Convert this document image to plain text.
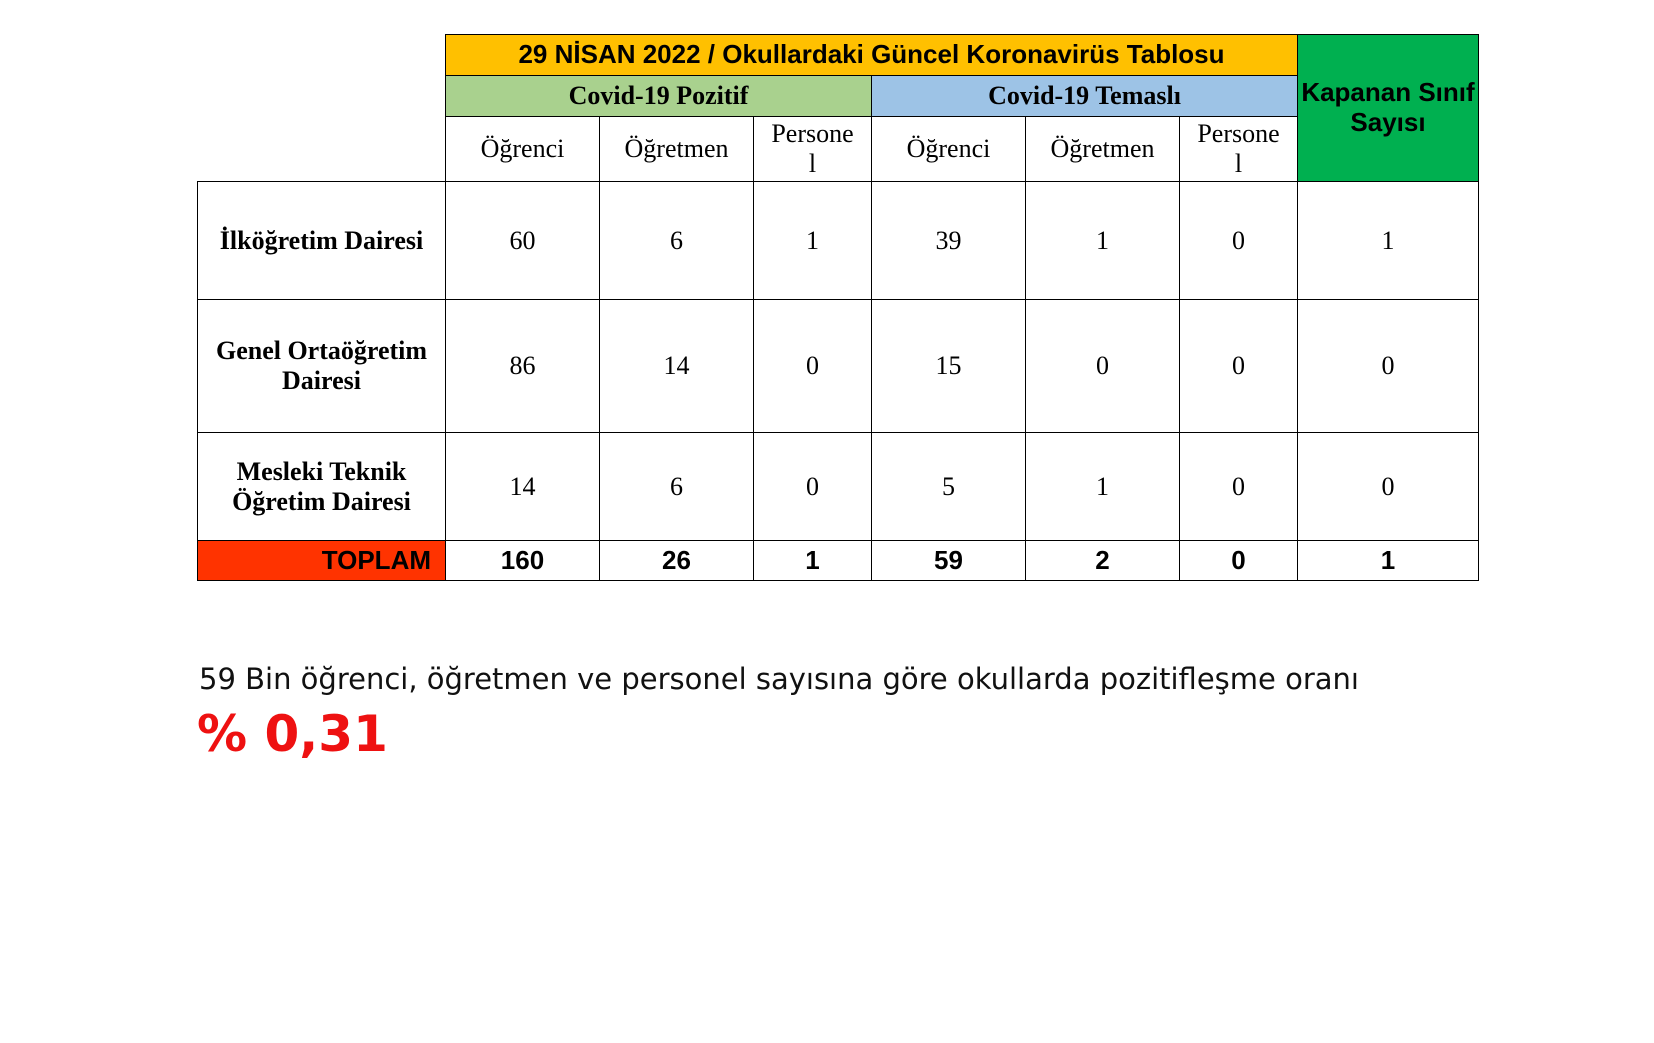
	29 NİSAN 2022 / Okullardaki Güncel Koronavirüs Tablosu						Kapanan Sınıf Sayısı
	Covid-19 Pozitif			Covid-19 Temaslı			
	Öğrenci	Öğretmen	Persone l	Öğrenci	Öğretmen	Persone l	
İlköğretim Dairesi	60	6	1	39	1	0	1
Genel Ortaöğretim Dairesi	86	14	0	15	0	0	0
Mesleki Teknik Öğretim Dairesi	14	6	0	5	1	0	0
TOPLAM	160	26	1	59	2	0	1
59 Bin öğrenci, öğretmen ve personel sayısına göre okullarda pozitifleşme oranı
% 0,31
